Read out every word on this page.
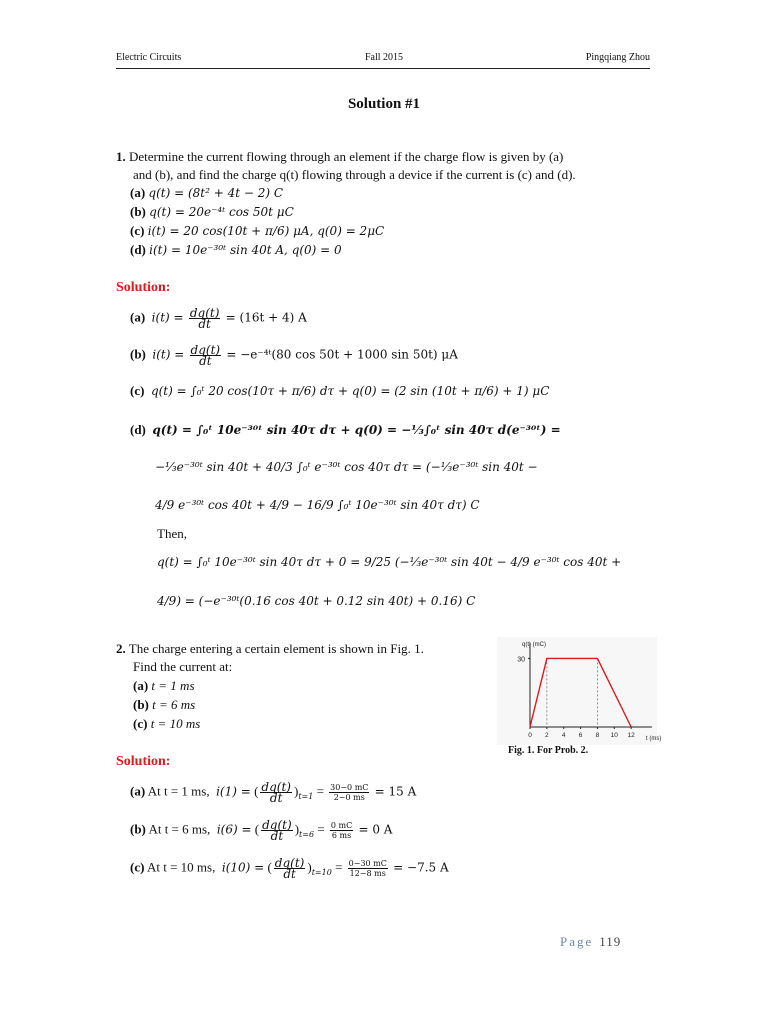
Electric Circuits	Fall 2015	Pingqiang Zhou
Solution #1
1. Determine the current flowing through an element if the charge flow is given by (a)
and (b), and find the charge q(t) flowing through a device if the current is (c) and (d).
(a) q(t) = (8t² + 4t − 2) C
(b) q(t) = 20e⁻⁴ᵗ cos 50t μC
(c) i(t) = 20 cos(10t + π/6) μA, q(0) = 2μC
(d) i(t) = 10e⁻³⁰ᵗ sin 40t A, q(0) = 0
Solution:
(a) $i(t) = \frac{dq(t)}{dt} = (16t + 4)$ A
(b) $i(t) = \frac{dq(t)}{dt}$ = −e⁻⁴ᵗ(80 cos 50t + 1000 sin 50t) μA
(c) q(t) = ∫₀ᵗ 20 cos(10τ + π/6) dτ + q(0) = (2 sin (10t + π/6) + 1) μC
(d) q(t) = ∫₀ᵗ 10e⁻³⁰ᵗ sin 40τ dτ + q(0) = −⅓∫₀ᵗ sin 40τ d(e⁻³⁰ᵗ) =
−⅓e⁻³⁰ᵗ sin 40t + 40/3 ∫₀ᵗ e⁻³⁰ᵗ cos 40τ dτ = (−⅓e⁻³⁰ᵗ sin 40t −
4/9 e⁻³⁰ᵗ cos 40t + 4/9 − 16/9 ∫₀ᵗ 10e⁻³⁰ᵗ sin 40τ dτ) C
Then,
q(t) = ∫₀ᵗ 10e⁻³⁰ᵗ sin 40τ dτ + 0 = 9/25 (−⅓e⁻³⁰ᵗ sin 40t − 4/9 e⁻³⁰ᵗ cos 40t +
4/9) = (−e⁻³⁰ᵗ(0.16 cos 40t + 0.12 sin 40t) + 0.16) C
2. The charge entering a certain element is shown in Fig. 1.
Find the current at:
(a) t = 1 ms
(b) t = 6 ms
(c) t = 10 ms
30
0 2 4 6 8 10 12
q(t) (mC)
t (ms)
Fig. 1. For Prob. 2.
Solution:
(a) At t = 1 ms, i(1) = ( $\frac{dq(t)}{dt} )_{t=1} = \frac{30-0 mC}{2-0 ms} = 15$ A
(b) At t = 6 ms, i(6) = ( $\frac{dq(t)}{dt} )_{t=6} = \frac{0 mC}{6 ms} = 0$ A
(c) At t = 10 ms, i(10) = ( $\frac{dq(t)}{dt} )_{t=10} = \frac{0-30 mC}{12-8 ms} = -7.5$ A
Page 119
